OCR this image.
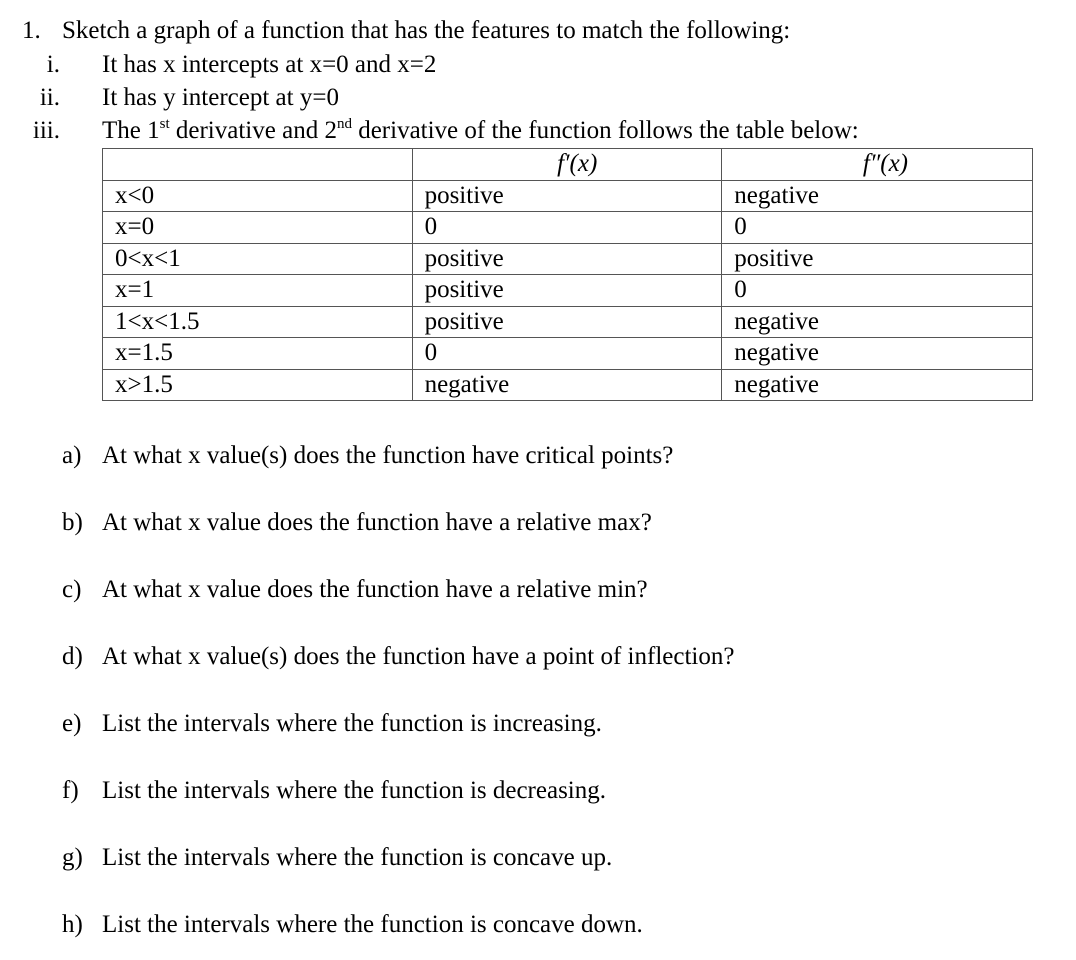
1. Sketch a graph of a function that has the features to match the following:
i. It has x intercepts at x=0 and x=2
ii. It has y intercept at y=0
iii. The 1st derivative and 2nd derivative of the function follows the table below:
	f′(x)	f″(x)
x<0	positive	negative
x=0	0	0
0<x<1	positive	positive
x=1	positive	0
1<x<1.5	positive	negative
x=1.5	0	negative
x>1.5	negative	negative
a) At what x value(s) does the function have critical points?
b) At what x value does the function have a relative max?
c) At what x value does the function have a relative min?
d) At what x value(s) does the function have a point of inflection?
e) List the intervals where the function is increasing.
f) List the intervals where the function is decreasing.
g) List the intervals where the function is concave up.
h) List the intervals where the function is concave down.
